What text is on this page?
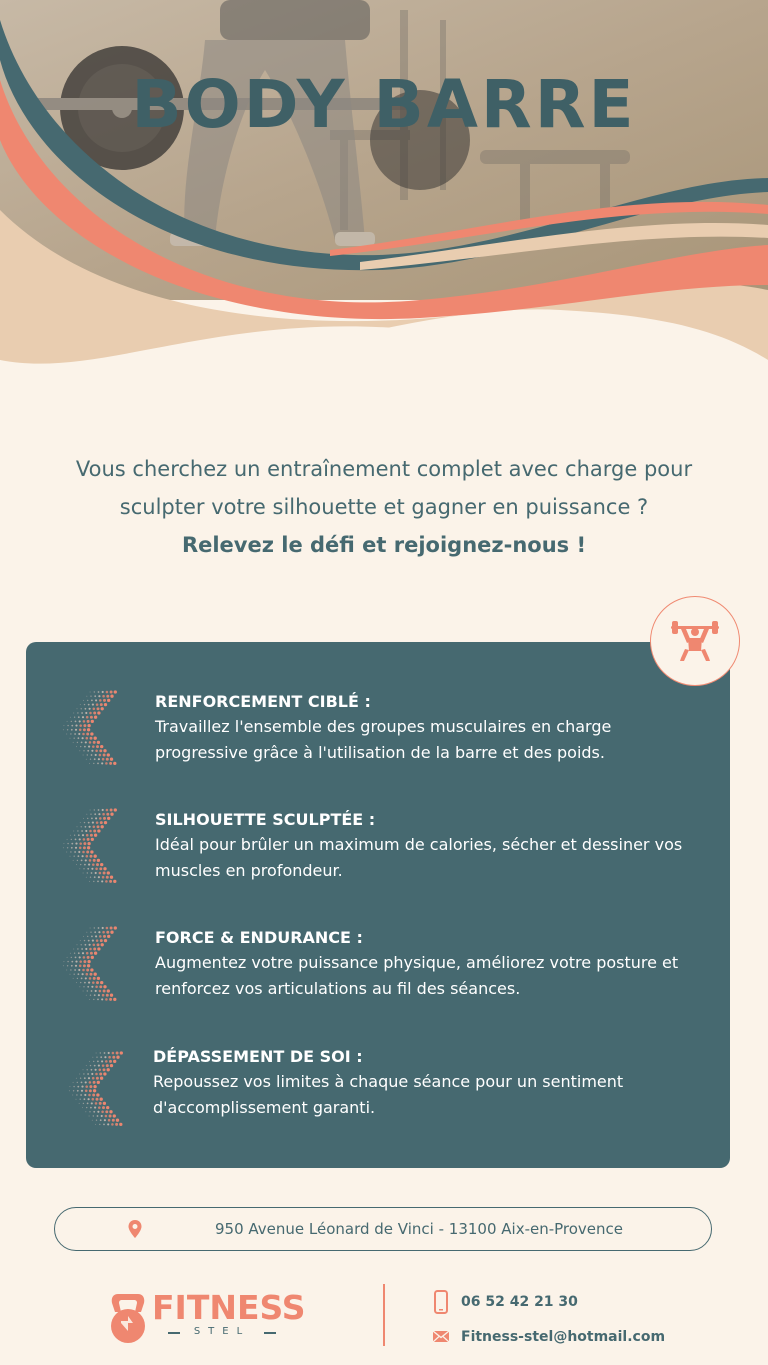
BODY BARRE

Vous cherchez un entraînement complet avec charge pour

sculpter votre silhouette et gagner en puissance ?

Relevez le défi et rejoignez-nous !

RENFORCEMENT CIBLÉ :

Travaillez l'ensemble des groupes musculaires en charge progressive grâce à l'utilisation de la barre et des poids.

SILHOUETTE SCULPTÉE :

Idéal pour brûler un maximum de calories, sécher et dessiner vos muscles en profondeur.

FORCE & ENDURANCE :

Augmentez votre puissance physique, améliorez votre posture et renforcez vos articulations au fil des séances.

DÉPASSEMENT DE SOI :

Repoussez vos limites à chaque séance pour un sentiment d'accomplissement garanti.

950 Avenue Léonard de Vinci - 13100 Aix-en-Provence
FITNESS
STEL
06 52 42 21 30
Fitness-stel@hotmail.com
